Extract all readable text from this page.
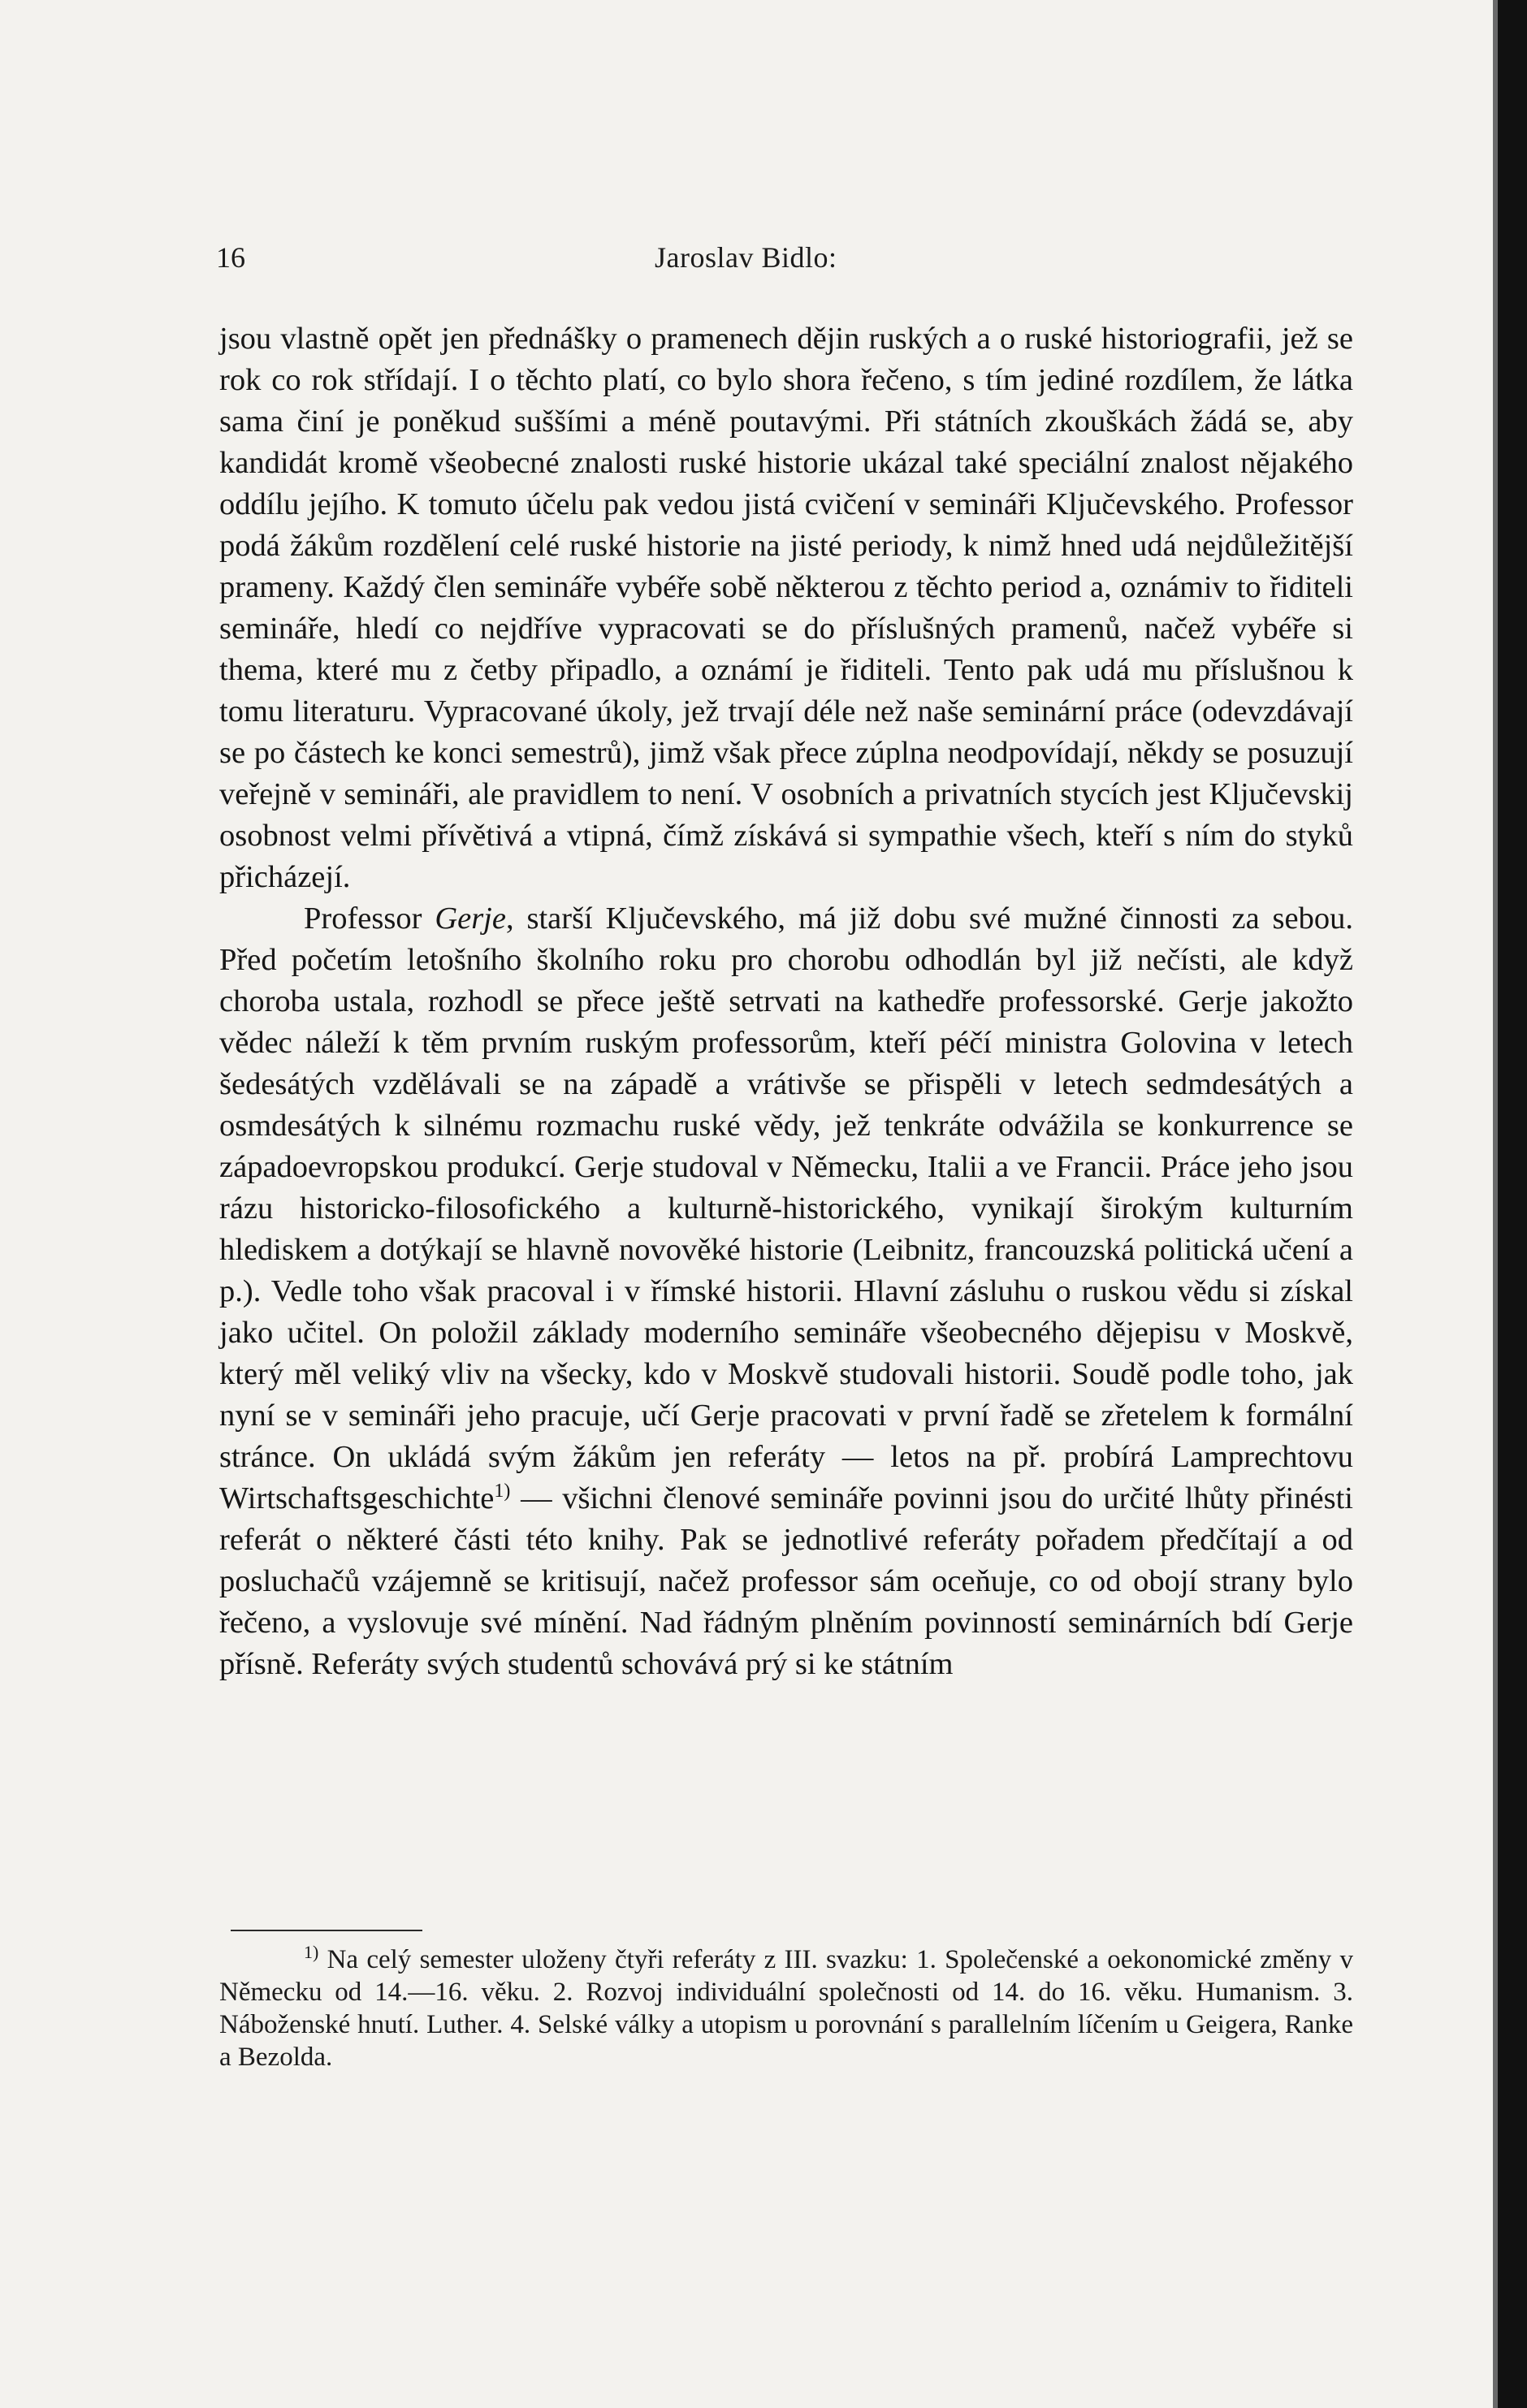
16	Jaroslav Bidlo:

jsou vlastně opět jen přednášky o pramenech dějin ruských a o ruské historiografii, jež se rok co rok střídají. I o těchto platí, co bylo shora řečeno, s tím jediné rozdílem, že látka sama činí je poněkud suššími a méně poutavými. Při státních zkouškách žádá se, aby kandidát kromě všeobecné znalosti ruské historie ukázal také speciální znalost nějakého oddílu jejího. K tomuto účelu pak vedou jistá cvičení v semináři Ključevského. Professor podá žákům rozdělení celé ruské historie na jisté periody, k nimž hned udá nejdůležitější prameny. Každý člen semináře vybéře sobě některou z těchto period a, oznámiv to řiditeli semináře, hledí co nejdříve vypracovati se do příslušných pramenů, načež vybéře si thema, které mu z četby připadlo, a oznámí je řiditeli. Tento pak udá mu příslušnou k tomu literaturu. Vypracované úkoly, jež trvají déle než naše seminární práce (odevzdávají se po částech ke konci semestrů), jimž však přece zúplna neodpovídají, někdy se posuzují veřejně v semináři, ale pravidlem to není. V osobních a privatních stycích jest Ključevskij osobnost velmi přívětivá a vtipná, čímž získává si sympathie všech, kteří s ním do styků přicházejí.

Professor Gerje, starší Ključevského, má již dobu své mužné činnosti za sebou. Před početím letošního školního roku pro chorobu odhodlán byl již nečísti, ale když choroba ustala, rozhodl se přece ještě setrvati na kathedře professorské. Gerje jakožto vědec náleží k těm prvním ruským professorům, kteří péčí ministra Golovina v letech šedesátých vzdělávali se na západě a vrátivše se přispěli v letech sedmdesátých a osmdesátých k silnému rozmachu ruské vědy, jež tenkráte odvážila se konkurrence se západoevropskou produkcí. Gerje studoval v Německu, Italii a ve Francii. Práce jeho jsou rázu historicko-filosofického a kulturně-historického, vynikají širokým kulturním hlediskem a dotýkají se hlavně novověké historie (Leibnitz, francouzská politická učení a p.). Vedle toho však pracoval i v římské historii. Hlavní zásluhu o ruskou vědu si získal jako učitel. On položil základy moderního semináře všeobecného dějepisu v Moskvě, který měl veliký vliv na všecky, kdo v Moskvě studovali historii. Soudě podle toho, jak nyní se v semináři jeho pracuje, učí Gerje pracovati v první řadě se zřetelem k formální stránce. On ukládá svým žákům jen referáty — letos na př. probírá Lamprechtovu Wirtschaftsgeschichte$^{1)}$ — všichni členové semináře povinni jsou do určité lhůty přinésti referát o některé části této knihy. Pak se jednotlivé referáty pořadem předčítají a od posluchačů vzájemně se kritisují, načež professor sám oceňuje, co od obojí strany bylo řečeno, a vyslovuje své mínění. Nad řádným plněním povinností seminárních bdí Gerje přísně. Referáty svých studentů schovává prý si ke státním

$^{1)}$ Na celý semester uloženy čtyři referáty z III. svazku: 1. Společenské a oekonomické změny v Německu od 14.—16. věku. 2. Rozvoj individuální společnosti od 14. do 16. věku. Humanism. 3. Náboženské hnutí. Luther. 4. Selské války a utopism u porovnání s parallelním líčením u Geigera, Ranke a Bezolda.
